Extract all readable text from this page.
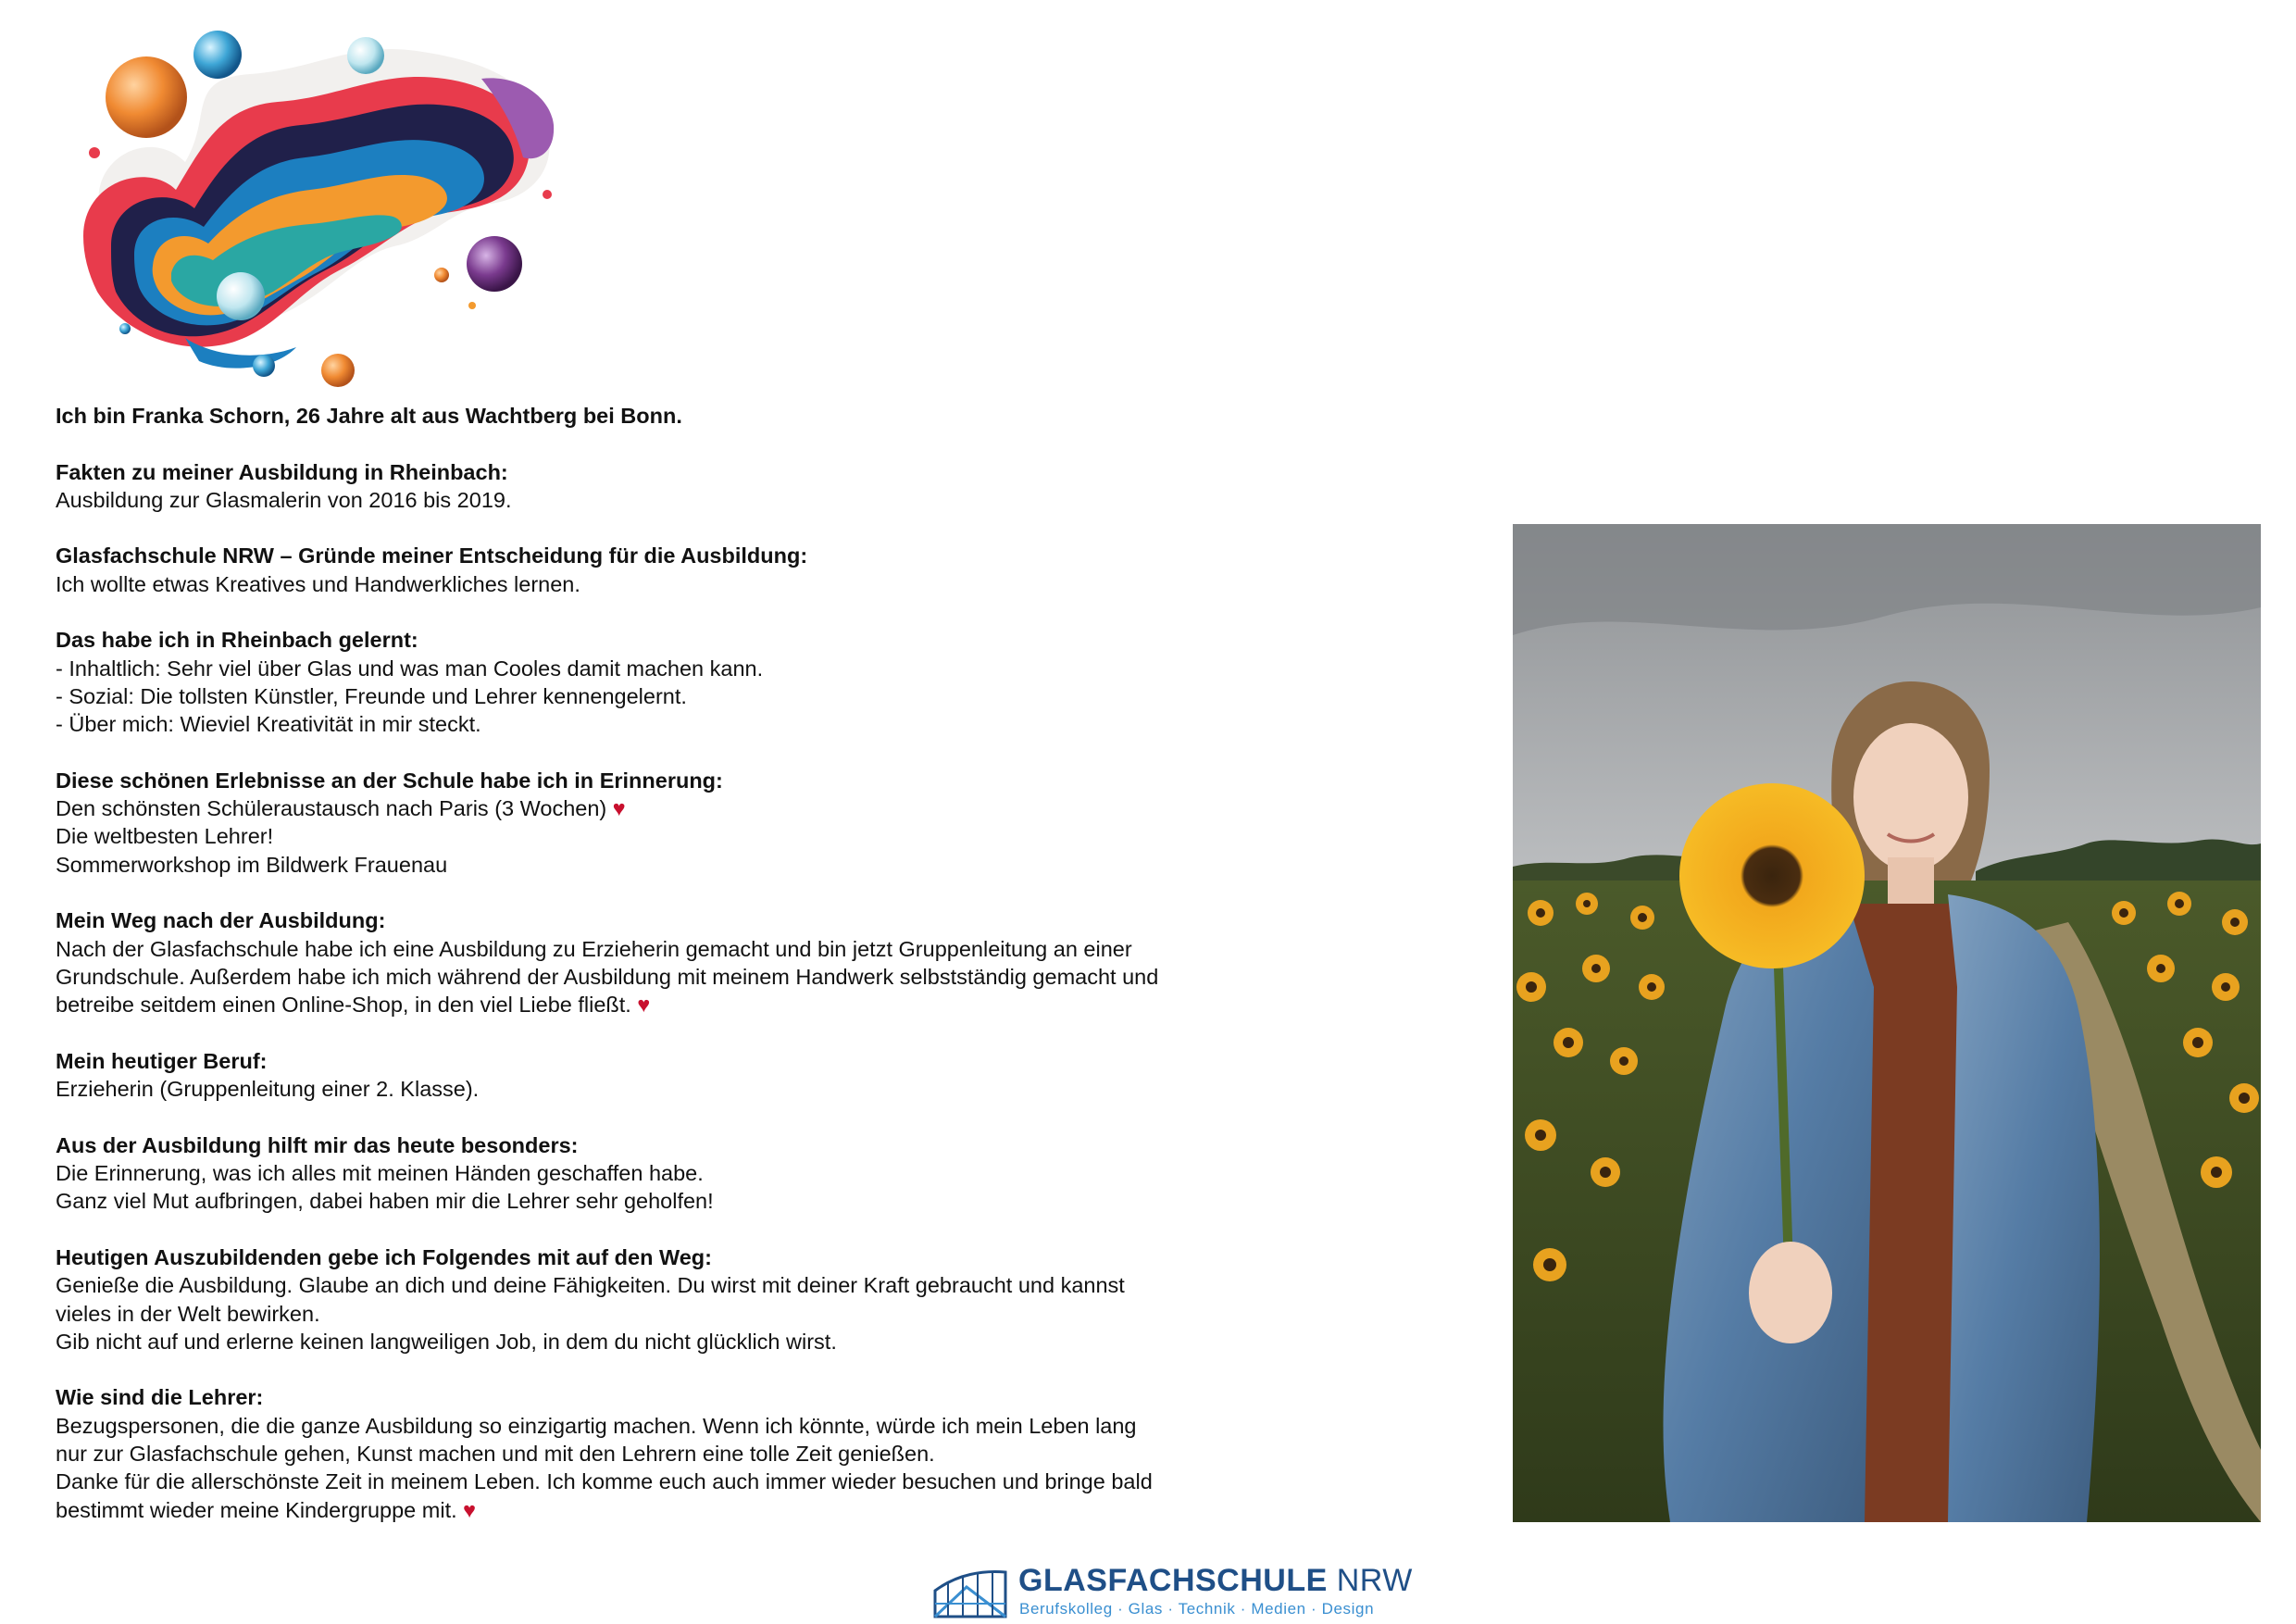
Ich bin Franka Schorn, 26 Jahre alt aus Wachtberg bei Bonn.
Fakten zu meiner Ausbildung in Rheinbach:
Ausbildung zur Glasmalerin von 2016 bis 2019.
Glasfachschule NRW – Gründe meiner Entscheidung für die Ausbildung:
Ich wollte etwas Kreatives und Handwerkliches lernen.
Das habe ich in Rheinbach gelernt:
- Inhaltlich: Sehr viel über Glas und was man Cooles damit machen kann.
- Sozial: Die tollsten Künstler, Freunde und Lehrer kennengelernt.
- Über mich: Wieviel Kreativität in mir steckt.
Diese schönen Erlebnisse an der Schule habe ich in Erinnerung:
Den schönsten Schüleraustausch nach Paris (3 Wochen) ♥
Die weltbesten Lehrer!
Sommerworkshop im Bildwerk Frauenau
Mein Weg nach der Ausbildung:
Nach der Glasfachschule habe ich eine Ausbildung zu Erzieherin gemacht und bin jetzt Gruppenleitung an einer
Grundschule. Außerdem habe ich mich während der Ausbildung mit meinem Handwerk selbstständig gemacht und
betreibe seitdem einen Online-Shop, in den viel Liebe fließt. ♥
Mein heutiger Beruf:
Erzieherin (Gruppenleitung einer 2. Klasse).
Aus der Ausbildung hilft mir das heute besonders:
Die Erinnerung, was ich alles mit meinen Händen geschaffen habe.
Ganz viel Mut aufbringen, dabei haben mir die Lehrer sehr geholfen!
Heutigen Auszubildenden gebe ich Folgendes mit auf den Weg:
Genieße die Ausbildung. Glaube an dich und deine Fähigkeiten. Du wirst mit deiner Kraft gebraucht und kannst
vieles in der Welt bewirken.
Gib nicht auf und erlerne keinen langweiligen Job, in dem du nicht glücklich wirst.
Wie sind die Lehrer:
Bezugspersonen, die die ganze Ausbildung so einzigartig machen. Wenn ich könnte, würde ich mein Leben lang
nur zur Glasfachschule gehen, Kunst machen und mit den Lehrern eine tolle Zeit genießen.
Danke für die allerschönste Zeit in meinem Leben. Ich komme euch auch immer wieder besuchen und bringe bald
bestimmt wieder meine Kindergruppe mit. ♥
GLASFACHSCHULE NRW
Berufskolleg · Glas · Technik · Medien · Design
